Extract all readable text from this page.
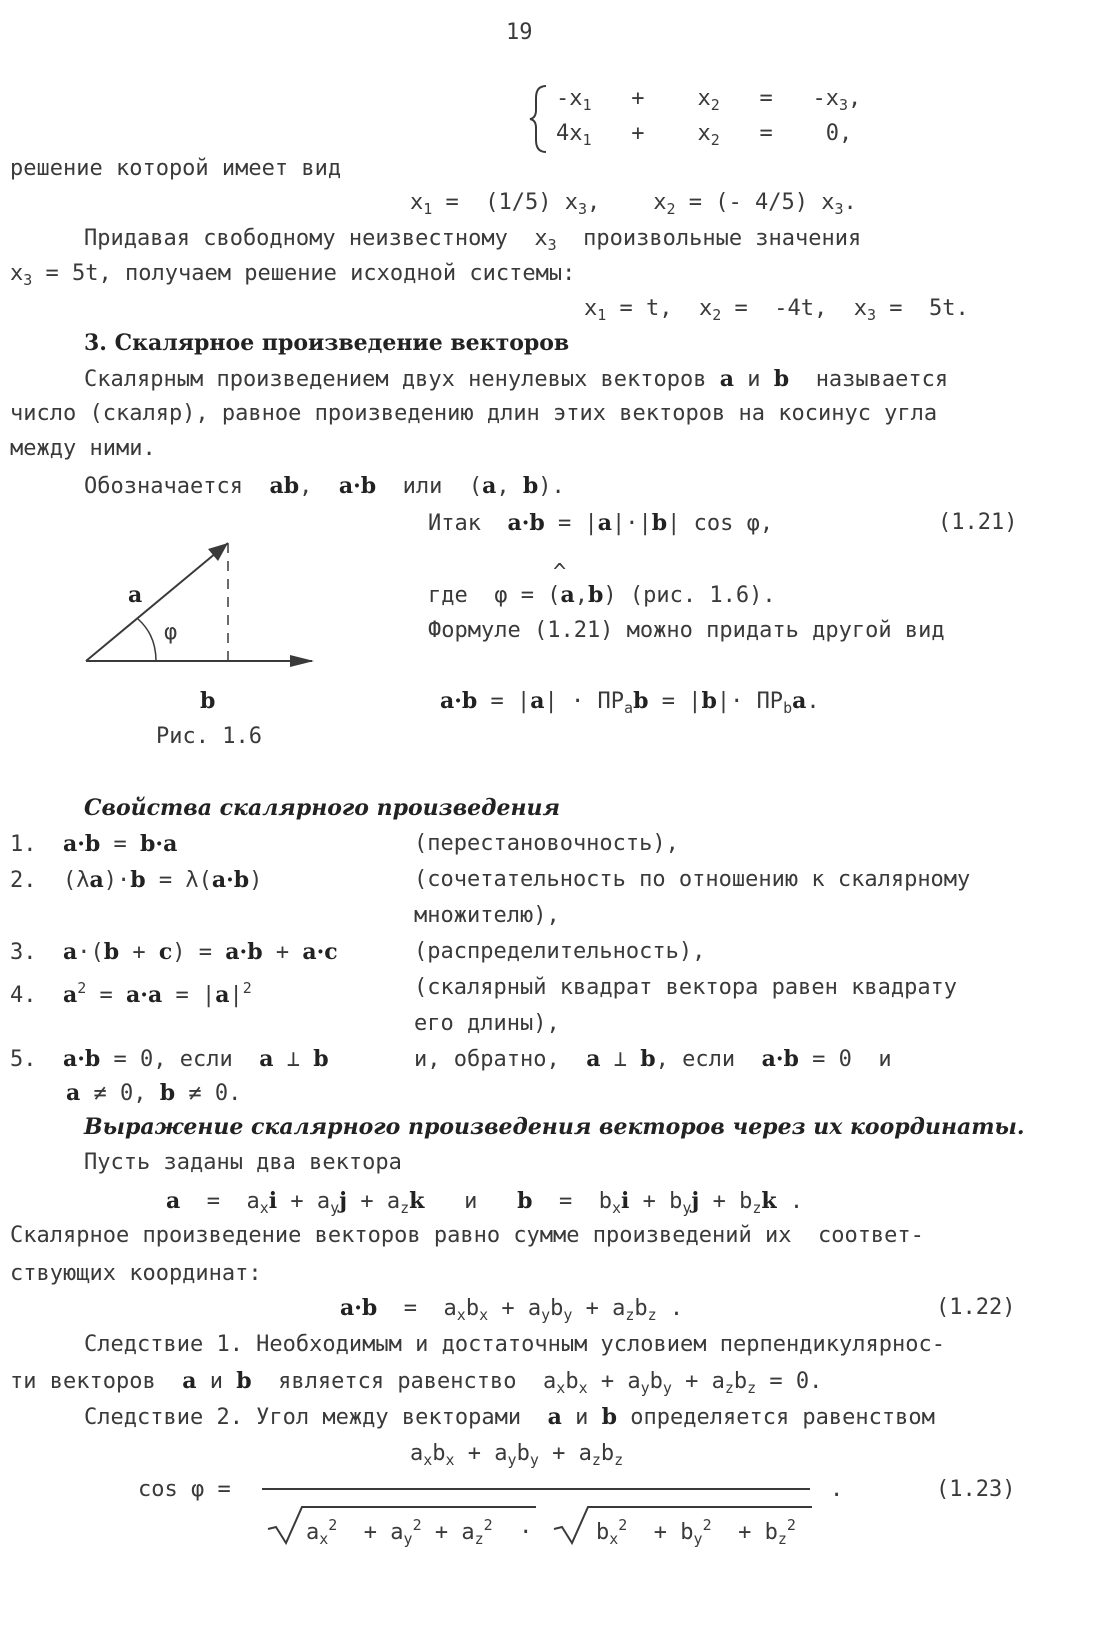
19
$-x_1$   +    $x_2 = -x_3$,
$4x_1$   +    $x_2$   =    0,
решение которой имеет вид
$x_1 = (1/5)$ $x_3$,    $x_2$ = (- 4/5) $x_3$.
Придавая свободному неизвестному  $x_3$ произвольные значения
$x_3 = 5t$, получаем решение исходной системы:
$x_1 = t$,  $x_2 = -4t$,  $x_3 = 5t$.
3. Скалярное произведение векторов
Скалярным произведением двух ненулевых векторов a и b называется
число (скаляр), равное произведению длин этих векторов на косинус угла
между ними.
Обозначается ab,  a·b или  (a, b).
Итак a·b = |a|·|b| cos φ,	(1.21)
a
φ
b
Рис. 1.6
где  φ = (a,b) (рис. 1.6).
^
Формуле (1.21) можно придать другой вид
$a\cdot b = |a| \cdot ПР_ab = |b|\cdot ПР_ba$.
Свойства скалярного произведения
1.  a·b = b·a	(перестановочность),
2.  (λa)·b = λ(a·b)	(сочетательность по отношению к скалярному
множителю),
3.  a·(b + c) = a·b + a·c	(распределительность),
4.  $a^2 = a\cdot a = |a|^2$	(скалярный квадрат вектора равен квадрату
его длины),
5.  a·b = 0, если a ⊥ b	и, обратно, a ⊥ b, если a·b = 0  и
a ≠ 0, b ≠ 0.
Выражение скалярного произведения векторов через их координаты.
Пусть заданы два вектора
$a = a_xi + a_yj + a_zk$ и $b = b_xi + b_yj + b_zk$ .
Скалярное произведение векторов равно сумме произведений их  соответ-
ствующих координат:
$a\cdot b = a_xb_x + a_yb_y + a_zb_z$ .	(1.22)
Следствие 1. Необходимым и достаточным условием перпендикулярнос-
ти векторов a и b является равенство  $a_xb_x + a_yb_y + a_zb_z = 0$.
Следствие 2. Угол между векторами a и b определяется равенством
$a_xb_x + a_yb_y + a_zb_z$
cos φ =	.	(1.23)
$a_x^2 + a_y^2 + a_z^2$  ·	$b_x^2 + b_y^2 + b_z^2$
